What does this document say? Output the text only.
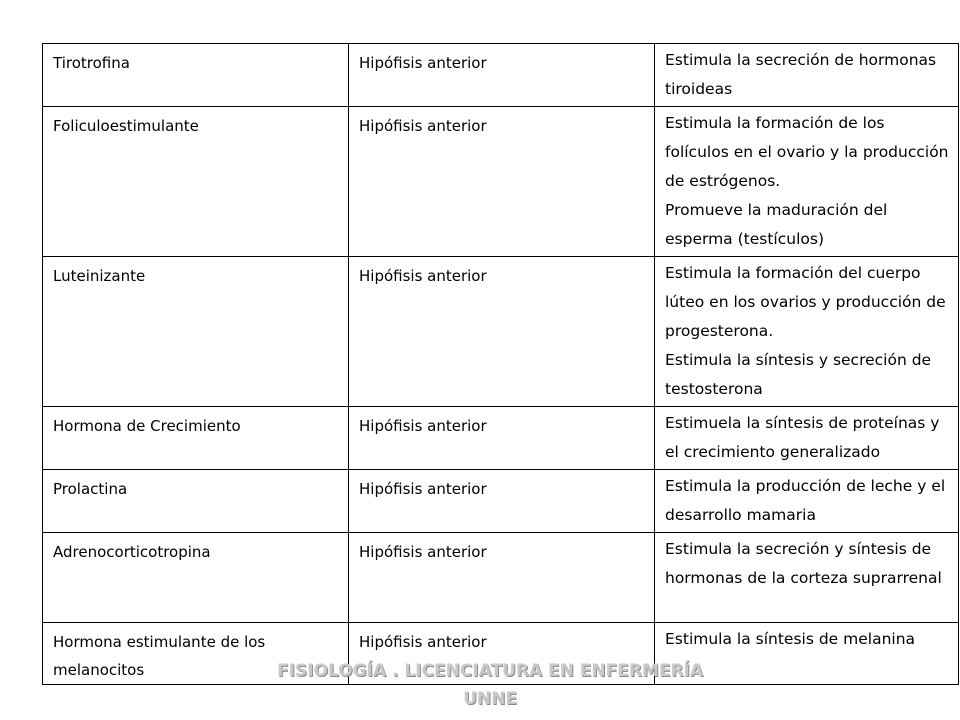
Tirotrofina	Hipófisis anterior	Estimula la secreción de hormonas tiroideas

Foliculoestimulante	Hipófisis anterior	Estimula la formación de los folículos en el ovario y la producción de estrógenos.
Promueve la maduración del esperma (testículos)

Luteinizante	Hipófisis anterior	Estimula la formación del cuerpo lúteo en los ovarios y producción de progesterona.
Estimula la síntesis y secreción de testosterona

Hormona de Crecimiento	Hipófisis anterior	Estimuela la síntesis de proteínas y el crecimiento generalizado

Prolactina	Hipófisis anterior	Estimula la producción de leche y el desarrollo mamaria

Adrenocorticotropina	Hipófisis anterior	Estimula la secreción y síntesis de hormonas de la corteza suprarrenal

Hormona estimulante de los melanocitos	Hipófisis anterior	Estimula la síntesis de melanina
FISIOLOGÍA . LICENCIATURA EN ENFERMERÍA
UNNE
